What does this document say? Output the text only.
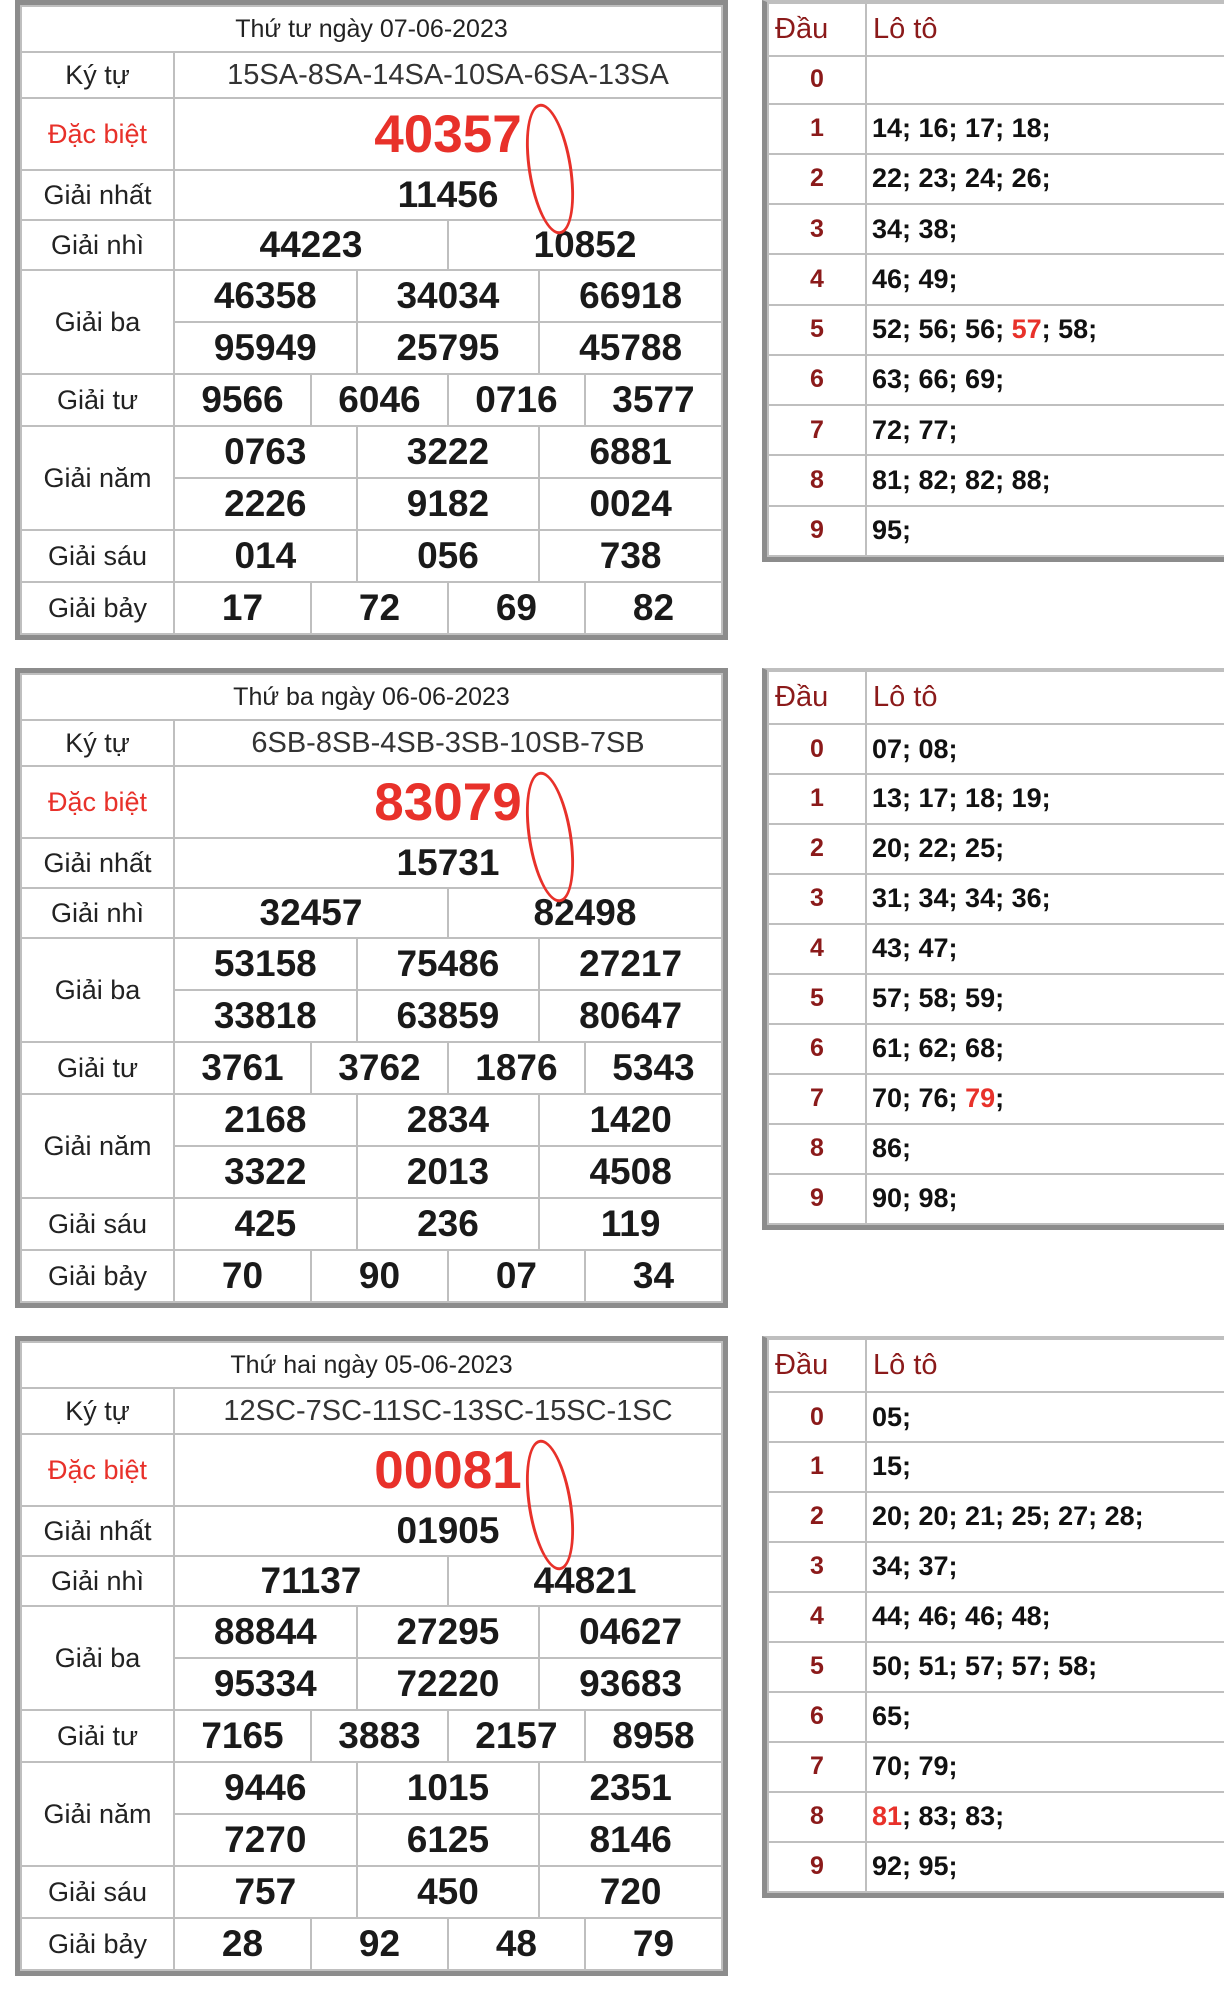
Thứ tư ngày 07-06-2023						
Ký tự	15SA-8SA-14SA-10SA-6SA-13SA					
Đặc biệt	40357					

Giải nhất	11456					
Giải nhì	44223			10852		
Giải ba	46358		34034		66918	
	95949		25795		45788	
Giải tư	9566	6046		0716		3577
Giải năm	0763		3222		6881	
	2226		9182		0024	
Giải sáu	014		056		738	
Giải bảy	17	72		69		82
Đầu	Lô tô
0	
1	14; 16; 17; 18;
2	22; 23; 24; 26;
3	34; 38;
4	46; 49;
5	52; 56; 56; 57; 58;
6	63; 66; 69;
7	72; 77;
8	81; 82; 82; 88;
9	95;
Thứ ba ngày 06-06-2023						
Ký tự	6SB-8SB-4SB-3SB-10SB-7SB					
Đặc biệt	83079					

Giải nhất	15731					
Giải nhì	32457			82498		
Giải ba	53158		75486		27217	
	33818		63859		80647	
Giải tư	3761	3762		1876		5343
Giải năm	2168		2834		1420	
	3322		2013		4508	
Giải sáu	425		236		119	
Giải bảy	70	90		07		34
Đầu	Lô tô
0	07; 08;
1	13; 17; 18; 19;
2	20; 22; 25;
3	31; 34; 34; 36;
4	43; 47;
5	57; 58; 59;
6	61; 62; 68;
7	70; 76; 79;
8	86;
9	90; 98;
Thứ hai ngày 05-06-2023						
Ký tự	12SC-7SC-11SC-13SC-15SC-1SC					
Đặc biệt	00081					

Giải nhất	01905					
Giải nhì	71137			44821		
Giải ba	88844		27295		04627	
	95334		72220		93683	
Giải tư	7165	3883		2157		8958
Giải năm	9446		1015		2351	
	7270		6125		8146	
Giải sáu	757		450		720	
Giải bảy	28	92		48		79
Đầu	Lô tô
0	05;
1	15;
2	20; 20; 21; 25; 27; 28;
3	34; 37;
4	44; 46; 46; 48;
5	50; 51; 57; 57; 58;
6	65;
7	70; 79;
8	81; 83; 83;
9	92; 95;
